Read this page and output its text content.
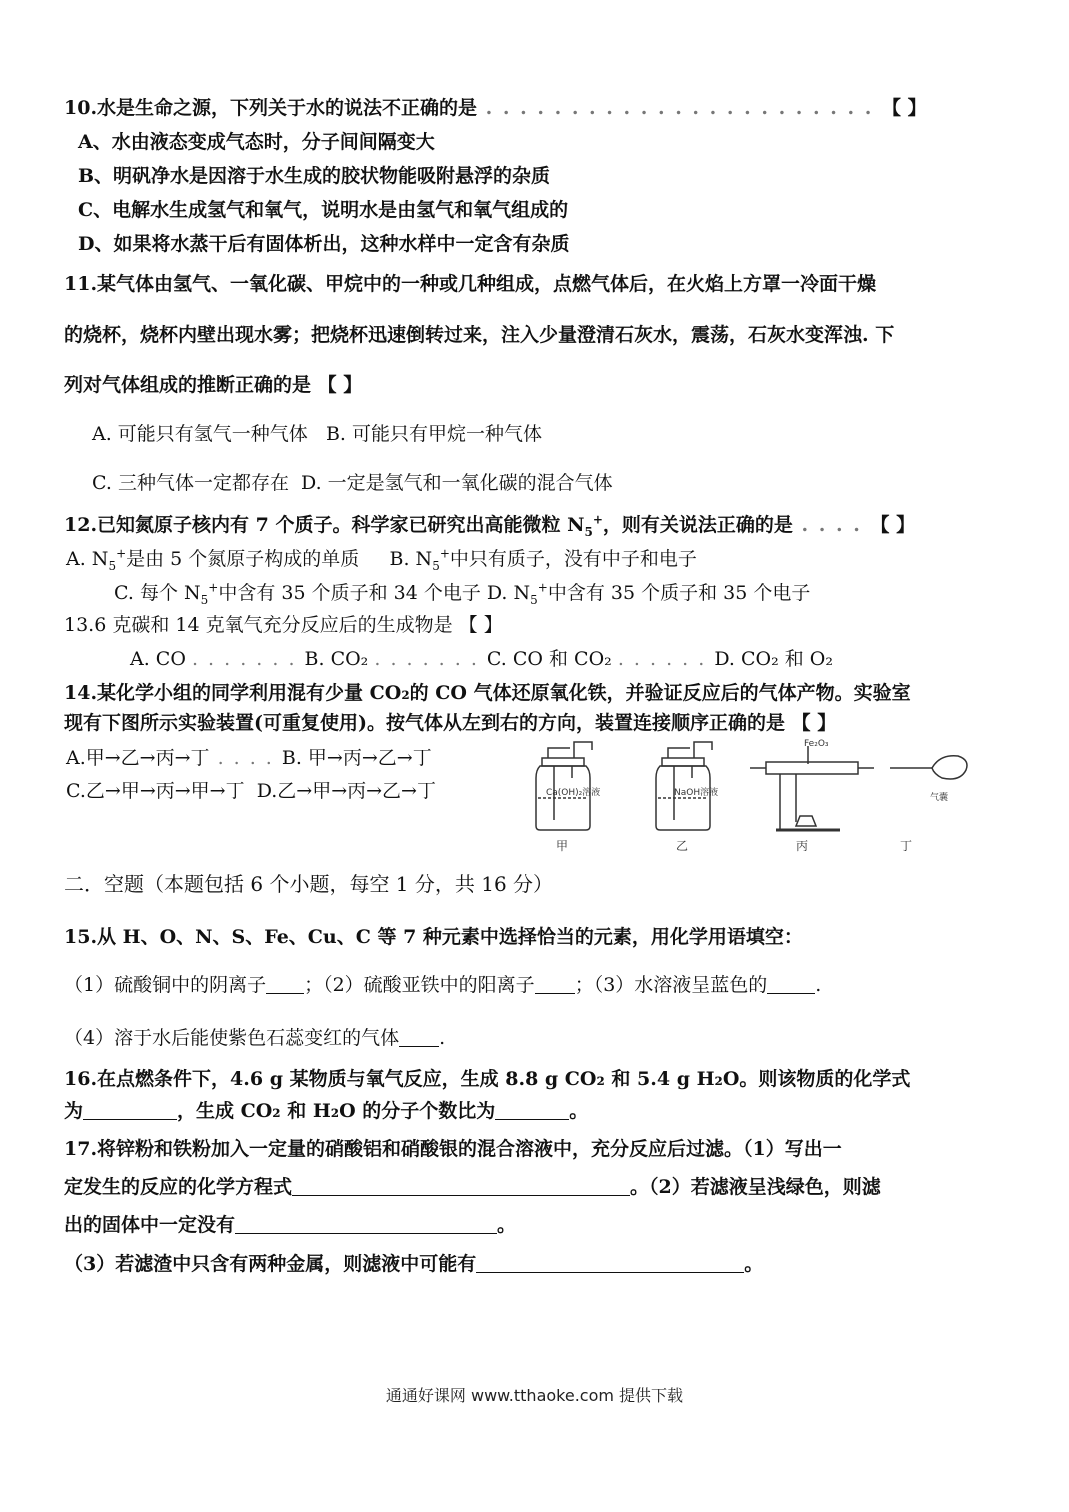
10.水是生命之源，下列关于水的说法不正确的是 . . . . . . . . . . . . . . . . . . . . . . . 【 】
A、水由液态变成气态时，分子间间隔变大
B、明矾净水是因溶于水生成的胶状物能吸附悬浮的杂质
C、电解水生成氢气和氧气，说明水是由氢气和氧气组成的
D、如果将水蒸干后有固体析出，这种水样中一定含有杂质
11.某气体由氢气、一氧化碳、甲烷中的一种或几种组成，点燃气体后，在火焰上方罩一冷面干燥
的烧杯，烧杯内壁出现水雾；把烧杯迅速倒转过来，注入少量澄清石灰水，震荡，石灰水变浑浊. 下
列对气体组成的推断正确的是 【 】
A. 可能只有氢气一种气体 B. 可能只有甲烷一种气体
C. 三种气体一定都存在 D. 一定是氢气和一氧化碳的混合气体
12.已知氮原子核内有 7 个质子。科学家已研究出高能微粒 $N_5^+$，则有关说法正确的是 . . . . 【 】
A. $N_5^+$是由 5 个氮原子构成的单质 B. $N_5^+$中只有质子，没有中子和电子
C. 每个 $N_5^+$中含有 35 个质子和 34 个电子 D. $N_5^+$中含有 35 个质子和 35 个电子
13.6 克碳和 14 克氧气充分反应后的生成物是 【 】
A. CO . . . . . . . B. CO₂ . . . . . . . C. CO 和 CO₂ . . . . . . D. CO₂ 和 O₂
14.某化学小组的同学利用混有少量 CO₂的 CO 气体还原氧化铁，并验证反应后的气体产物。实验室
现有下图所示实验装置(可重复使用)。按气体从左到右的方向，装置连接顺序正确的是 【 】
A.甲→乙→丙→丁 . . . . B. 甲→丙→乙→丁
C.乙→甲→丙→甲→丁 D.乙→甲→丙→乙→丁	Ca(OH)₂溶液	NaOH溶液
Fe₂O₃
气囊
甲	乙	丙	丁
二．空题（本题包括 6 个小题，每空 1 分，共 16 分）
15.从 H、O、N、S、Fe、Cu、C 等 7 种元素中选择恰当的元素，用化学用语填空：
（1）硫酸铜中的阴离子 ；（2）硫酸亚铁中的阳离子 ；（3）水溶液呈蓝色的	.
（4）溶于水后能使紫色石蕊变红的气体 .
16.在点燃条件下，4.6 g 某物质与氧气反应，生成 8.8 g CO₂ 和 5.4 g H₂O。则该物质的化学式
为	，生成 CO₂ 和 H₂O 的分子个数比为	。
17.将锌粉和铁粉加入一定量的硝酸铝和硝酸银的混合溶液中，充分反应后过滤。（1）写出一
定发生的反应的化学方程式	。（2）若滤液呈浅绿色，则滤
出的固体中一定没有	。
（3）若滤渣中只含有两种金属，则滤液中可能有	。
通通好课网 www.tthaoke.com 提供下载
